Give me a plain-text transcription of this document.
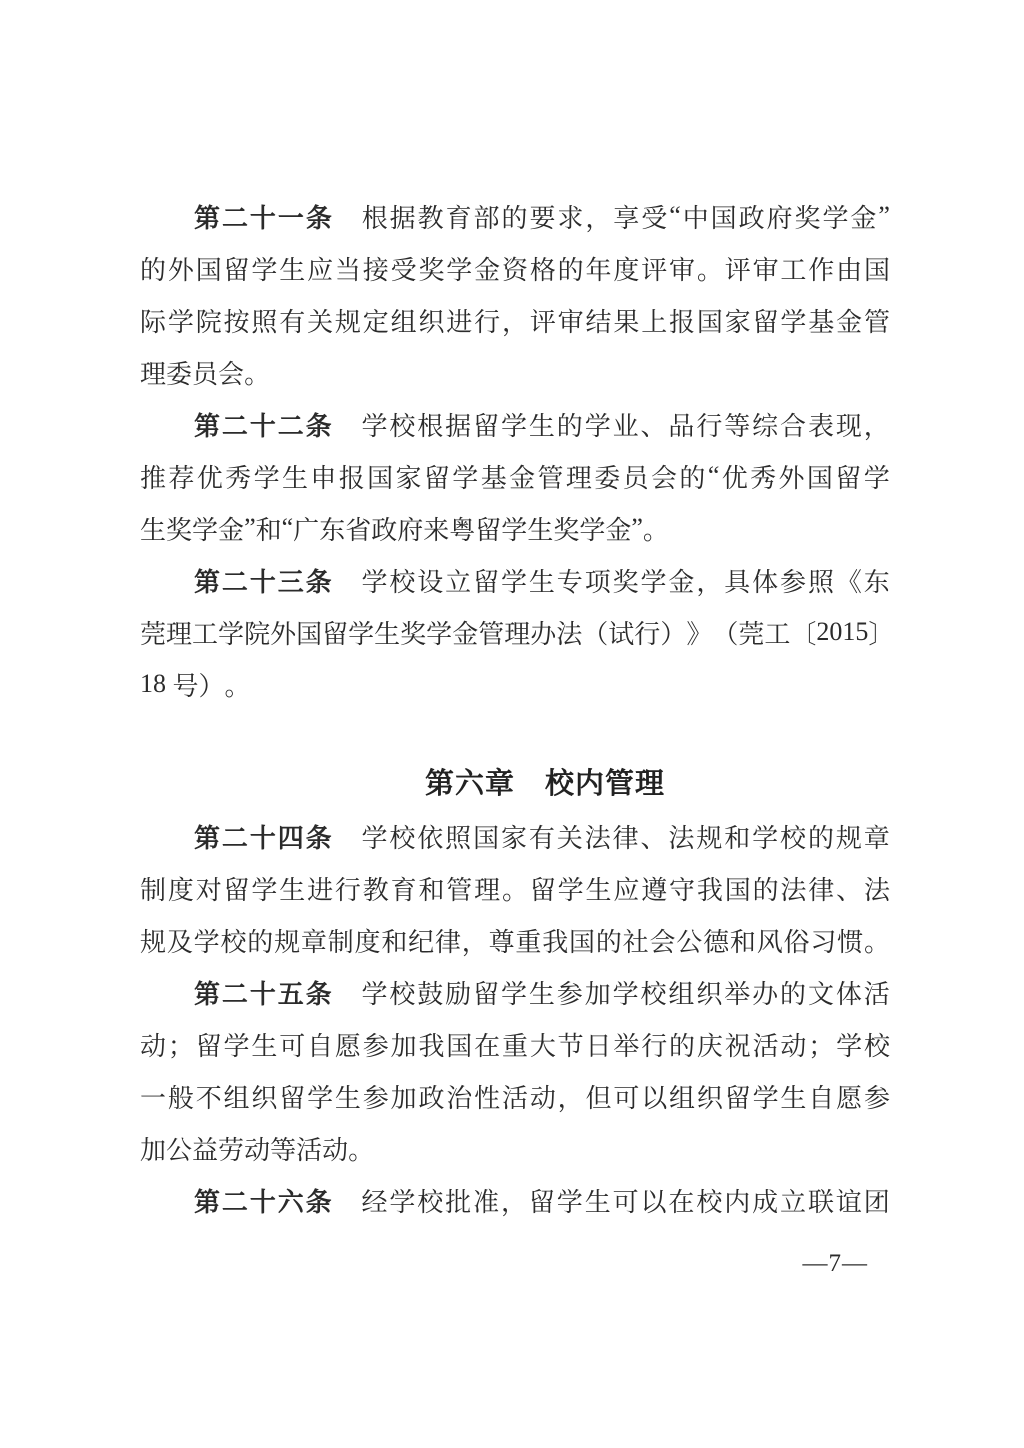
第 二 十 一 条
　 根 据 教 育 部 的 要 求 ， 享 受 “ 中 国 政 府 奖 学 金 ”
的 外 国 留 学 生 应 当 接 受 奖 学 金 资 格 的 年 度 评 审 。 评 审 工 作 由 国
际 学 院 按 照 有 关 规 定 组 织 进 行 ， 评 审 结 果 上 报 国 家 留 学 基 金 管
理 委 员 会 。
第 二 十 二 条
　 学 校 根 据 留 学 生 的 学 业 、 品 行 等 综 合 表 现 ，
推 荐 优 秀 学 生 申 报 国 家 留 学 基 金 管 理 委 员 会 的 “ 优 秀 外 国 留 学
生 奖 学 金 ” 和 “ 广 东 省 政 府 来 粤 留 学 生 奖 学 金 ” 。
第 二 十 三 条
　 学 校 设 立 留 学 生 专 项 奖 学 金 ， 具 体 参 照 《 东
莞 理 工 学 院 外 国 留 学 生 奖 学 金 管 理 办 法 （ 试 行 ） 》 （ 莞 工 〔 2 0 1 5 〕
1 8
号 ） 。
第六章　校内管理
第 二 十 四 条
　 学 校 依 照 国 家 有 关 法 律 、 法 规 和 学 校 的 规 章
制 度 对 留 学 生 进 行 教 育 和 管 理 。 留 学 生 应 遵 守 我 国 的 法 律 、 法
规 及 学 校 的 规 章 制 度 和 纪 律 ， 尊 重 我 国 的 社 会 公 德 和 风 俗 习 惯 。
第 二 十 五 条
　 学 校 鼓 励 留 学 生 参 加 学 校 组 织 举 办 的 文 体 活
动 ； 留 学 生 可 自 愿 参 加 我 国 在 重 大 节 日 举 行 的 庆 祝 活 动 ； 学 校
一 般 不 组 织 留 学 生 参 加 政 治 性 活 动 ， 但 可 以 组 织 留 学 生 自 愿 参
加 公 益 劳 动 等 活 动 。
第 二 十 六 条
　 经 学 校 批 准 ， 留 学 生 可 以 在 校 内 成 立 联 谊 团
—7—
